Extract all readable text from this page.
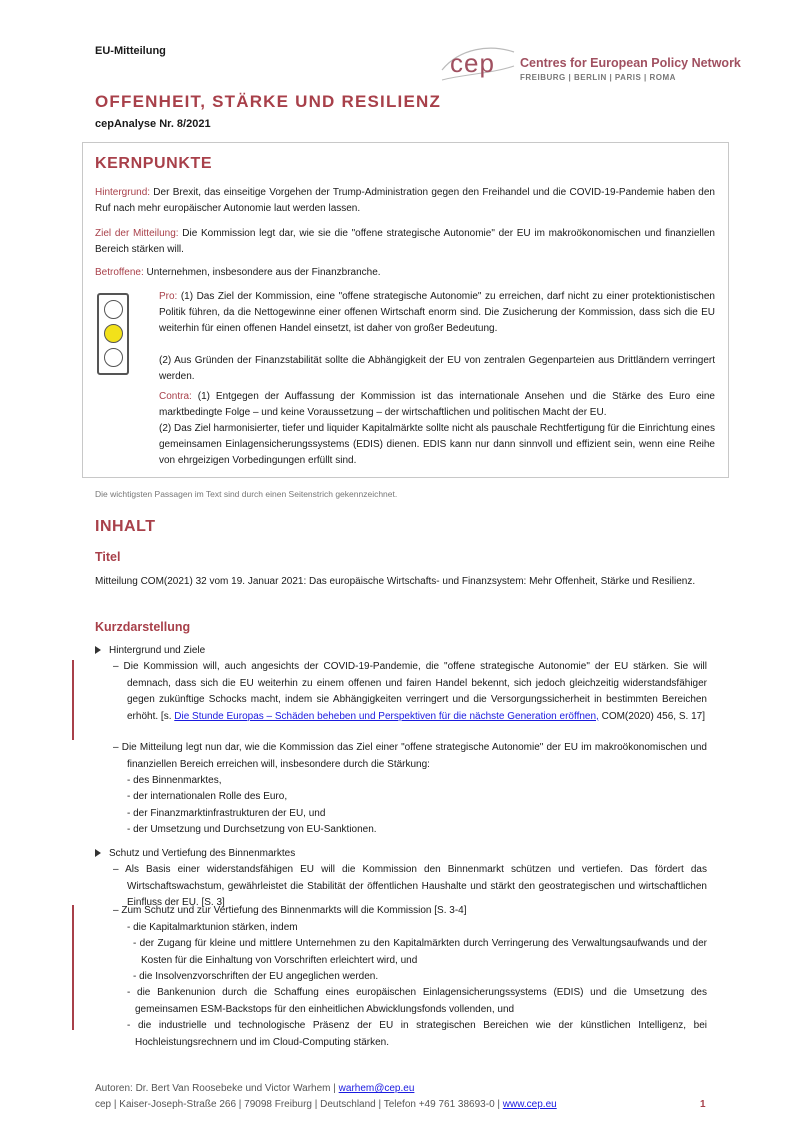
EU-Mitteilung	cep Centres for European Policy Network
FREIBURG | BERLIN | PARIS | ROMA
OFFENHEIT, STÄRKE UND RESILIENZ
cepAnalyse Nr. 8/2021
KERNPUNKTE

Hintergrund: Der Brexit, das einseitige Vorgehen der Trump-Administration gegen den Freihandel und die COVID-19-Pandemie haben den Ruf nach mehr europäischer Autonomie laut werden lassen.

Ziel der Mitteilung: Die Kommission legt dar, wie sie die "offene strategische Autonomie" der EU im makroökonomischen und finanziellen Bereich stärken will.

Betroffene: Unternehmen, insbesondere aus der Finanzbranche.

Pro: (1) Das Ziel der Kommission, eine "offene strategische Autonomie" zu erreichen, darf nicht zu einer protektionistischen Politik führen, da die Nettogewinne einer offenen Wirtschaft enorm sind. Die Zusicherung der Kommission, dass sich die EU weiterhin für einen offenen Handel einsetzt, ist daher von großer Bedeutung.

(2) Aus Gründen der Finanzstabilität sollte die Abhängigkeit der EU von zentralen Gegenparteien aus Drittländern verringert werden.

Contra: (1) Entgegen der Auffassung der Kommission ist das internationale Ansehen und die Stärke des Euro eine marktbedingte Folge – und keine Voraussetzung – der wirtschaftlichen und politischen Macht der EU.

(2) Das Ziel harmonisierter, tiefer und liquider Kapitalmärkte sollte nicht als pauschale Rechtfertigung für die Einrichtung eines gemeinsamen Einlagensicherungssystems (EDIS) dienen. EDIS kann nur dann sinnvoll und effizient sein, wenn eine Reihe von ehrgeizigen Vorbedingungen erfüllt sind.

Die wichtigsten Passagen im Text sind durch einen Seitenstrich gekennzeichnet.
INHALT
Titel

Mitteilung COM(2021) 32 vom 19. Januar 2021: Das europäische Wirtschafts- und Finanzsystem: Mehr Offenheit, Stärke und Resilienz.

Kurzdarstellung
Hintergrund und Ziele

– Die Kommission will, auch angesichts der COVID-19-Pandemie, die "offene strategische Autonomie" der EU stärken. Sie will demnach, dass sich die EU weiterhin zu einem offenen und fairen Handel bekennt, sich jedoch gleichzeitig widerstandsfähiger gegen zukünftige Schocks macht, indem sie Abhängigkeiten verringert und die Versorgungssicherheit in bestimmten Bereichen erhöht. [s. Die Stunde Europas – Schäden beheben und Perspektiven für die nächste Generation eröffnen, COM(2020) 456, S. 17]

– Die Mitteilung legt nun dar, wie die Kommission das Ziel einer "offene strategische Autonomie" der EU im makroökonomischen und finanziellen Bereich erreichen will, insbesondere durch die Stärkung:

- des Binnenmarktes,
- der internationalen Rolle des Euro,
- der Finanzmarktinfrastrukturen der EU, und
- der Umsetzung und Durchsetzung von EU-Sanktionen.
Schutz und Vertiefung des Binnenmarktes

– Als Basis einer widerstandsfähigen EU will die Kommission den Binnenmarkt schützen und vertiefen. Das fördert das Wirtschaftswachstum, gewährleistet die Stabilität der öffentlichen Haushalte und stärkt den geostrategischen und wirtschaftlichen Einfluss der EU. [S. 3]

– Zum Schutz und zur Vertiefung des Binnenmarkts will die Kommission [S. 3-4]

- die Kapitalmarktunion stärken, indem

- der Zugang für kleine und mittlere Unternehmen zu den Kapitalmärkten durch Verringerung des Verwaltungsaufwands und der Kosten für die Einhaltung von Vorschriften erleichtert wird, und

- die Insolvenzvorschriften der EU angeglichen werden.

- die Bankenunion durch die Schaffung eines europäischen Einlagensicherungssystems (EDIS) und die Umsetzung des gemeinsamen ESM-Backstops für den einheitlichen Abwicklungsfonds vollenden, und

- die industrielle und technologische Präsenz der EU in strategischen Bereichen wie der künstlichen Intelligenz, bei Hochleistungsrechnern und im Cloud-Computing stärken.

Autoren: Dr. Bert Van Roosebeke und Victor Warhem | warhem@cep.eu
cep | Kaiser-Joseph-Straße 266 | 79098 Freiburg | Deutschland | Telefon +49 761 38693-0 | www.cep.eu	1
